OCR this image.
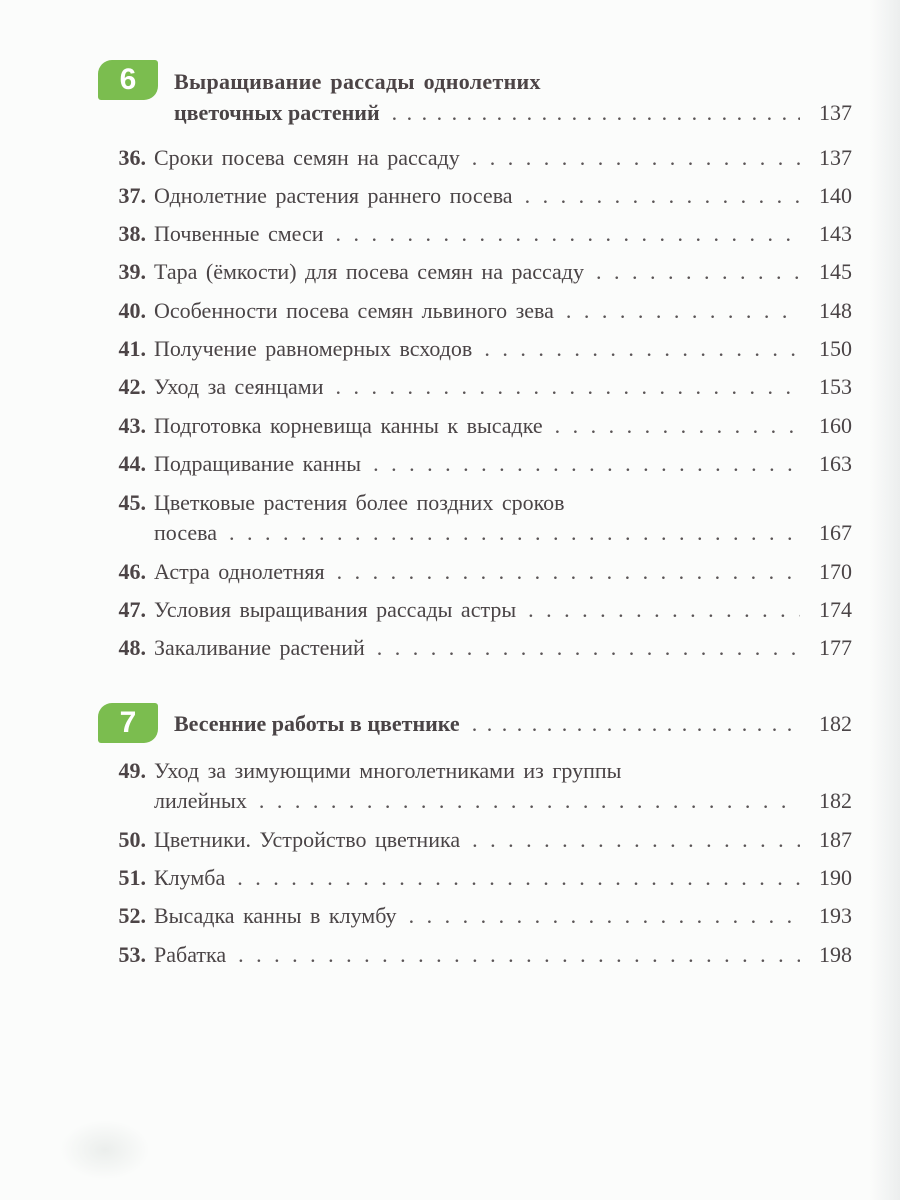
6	Выращивание рассады однолетних
цветочных растений . . .	137
36. Сроки посева семян на рассаду . . .	137
37. Однолетние растения раннего посева . . .	140
38. Почвенные смеси . . .	143
39. Тара (ёмкости) для посева семян на рассаду . . .	145
40. Особенности посева семян львиного зева . . .	148
41. Получение равномерных всходов . . .	150
42. Уход за сеянцами . . .	153
43. Подготовка корневища канны к высадке . . .	160
44. Подращивание канны . . .	163
45. Цветковые растения более поздних сроков
посева . . .	167
46. Астра однолетняя . . .	170
47. Условия выращивания рассады астры . . .	174
48. Закаливание растений . . .	177
7	Весенние работы в цветнике . . .	182
49. Уход за зимующими многолетниками из группы
лилейных . . .	182
50. Цветники. Устройство цветника . . .	187
51. Клумба . . .	190
52. Высадка канны в клумбу . . .	193
53. Рабатка . . .	198
